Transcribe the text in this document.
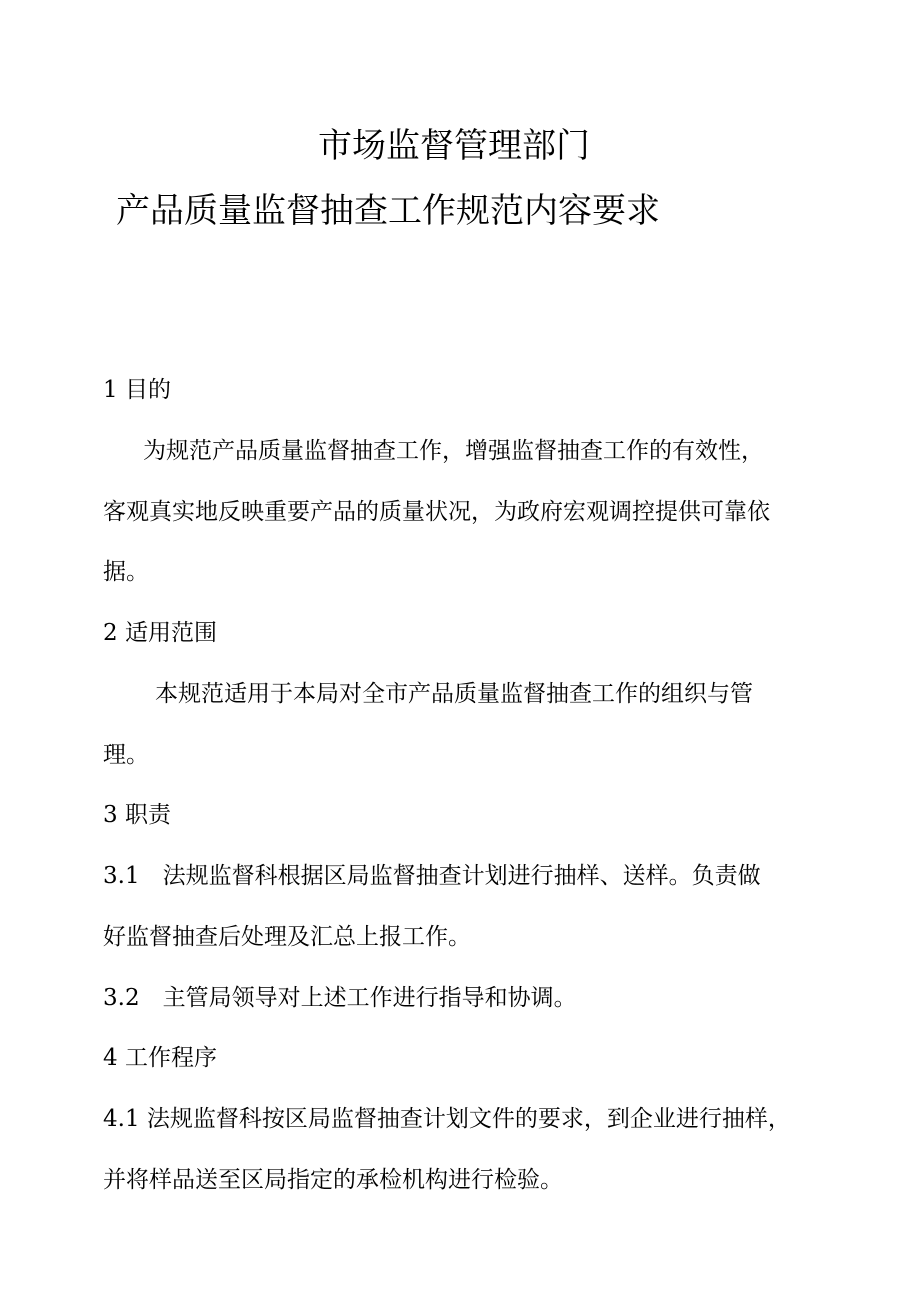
市场监督管理部门
产品质量监督抽查工作规范内容要求
1 目的
为规范产品质量监督抽查工作，增强监督抽查工作的有效性，
客观真实地反映重要产品的质量状况，为政府宏观调控提供可靠依
据。
2 适用范围
本规范适用于本局对全市产品质量监督抽查工作的组织与管
理。
3 职责
3.1　法规监督科根据区局监督抽查计划进行抽样、送样。负责做
好监督抽查后处理及汇总上报工作。
3.2　主管局领导对上述工作进行指导和协调。
4 工作程序
4.1 法规监督科按区局监督抽查计划文件的要求，到企业进行抽样，
并将样品送至区局指定的承检机构进行检验。
